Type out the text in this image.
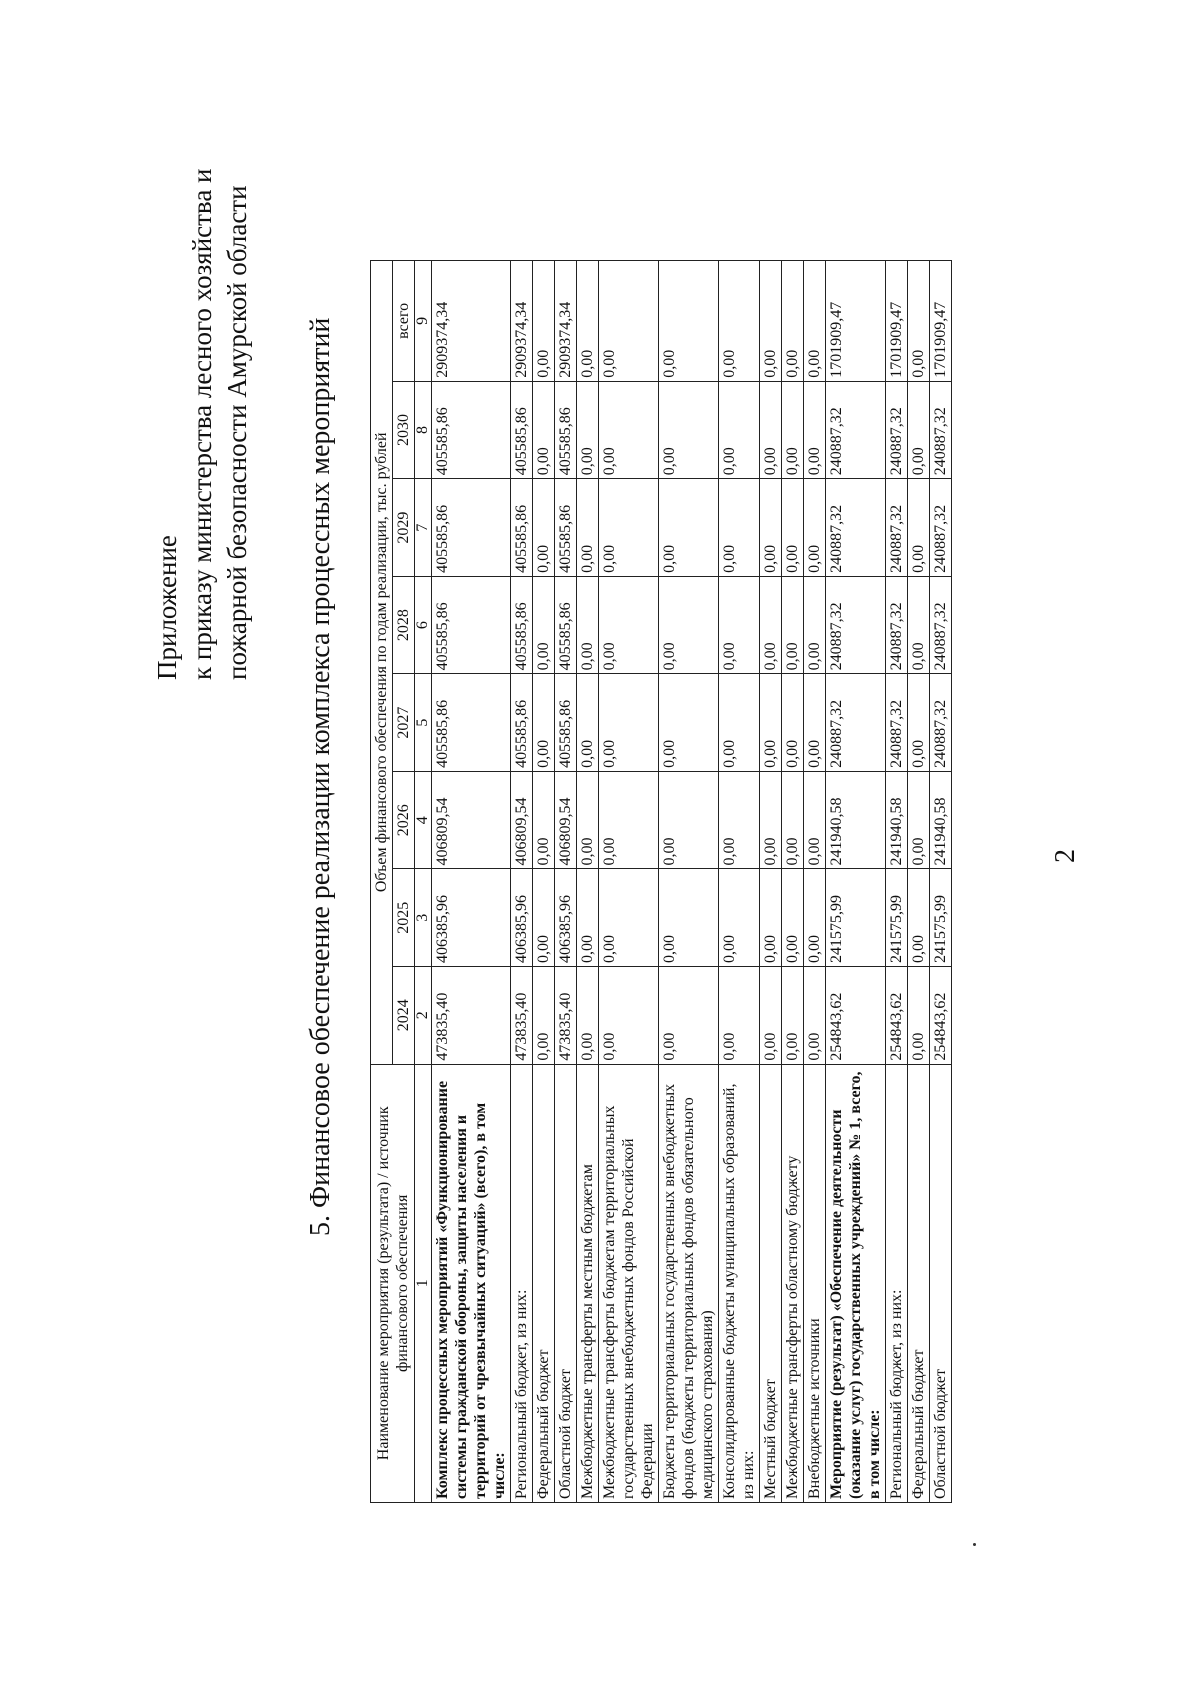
2
Приложение к приказу министерства лесного хозяйства и пожарной безопасности Амурской области 5. Финансовое обеспечение реализации комплекса процессных мероприятий
Наименование мероприятия (результата) / источник финансового обеспечения	Объем финансового обеспечения по годам реализации, тыс. рублей							
	2024	2025	2026	2027	2028	2029	2030	всего
1	2	3	4	5	6	7	8	9
Комплекс процессных мероприятий «Функционирование системы гражданской обороны, защиты населения и территорий от чрезвычайных ситуаций» (всего), в том числе:	473835,40	406385,96	406809,54	405585,86	405585,86	405585,86	405585,86	2909374,34
Региональный бюджет, из них:	473835,40	406385,96	406809,54	405585,86	405585,86	405585,86	405585,86	2909374,34
Федеральный бюджет	0,00	0,00	0,00	0,00	0,00	0,00	0,00	0,00
Областной бюджет	473835,40	406385,96	406809,54	405585,86	405585,86	405585,86	405585,86	2909374,34
Межбюджетные трансферты местным бюджетам	0,00	0,00	0,00	0,00	0,00	0,00	0,00	0,00
Межбюджетные трансферты бюджетам территориальных государственных внебюджетных фондов Российской Федерации	0,00	0,00	0,00	0,00	0,00	0,00	0,00	0,00
Бюджеты территориальных государственных внебюджетных фондов (бюджеты территориальных фондов обязательного медицинского страхования)	0,00	0,00	0,00	0,00	0,00	0,00	0,00	0,00
Консолидированные бюджеты муниципальных образований, из них:	0,00	0,00	0,00	0,00	0,00	0,00	0,00	0,00
Местный бюджет	0,00	0,00	0,00	0,00	0,00	0,00	0,00	0,00
Межбюджетные трансферты областному бюджету	0,00	0,00	0,00	0,00	0,00	0,00	0,00	0,00
Внебюджетные источники	0,00	0,00	0,00	0,00	0,00	0,00	0,00	0,00
Мероприятие (результат) «Обеспечение деятельности (оказание услуг) государственных учреждений» № 1, всего, в том числе:	254843,62	241575,99	241940,58	240887,32	240887,32	240887,32	240887,32	1701909,47
Региональный бюджет, из них:	254843,62	241575,99	241940,58	240887,32	240887,32	240887,32	240887,32	1701909,47
Федеральный бюджет	0,00	0,00	0,00	0,00	0,00	0,00	0,00	0,00
Областной бюджет	254843,62	241575,99	241940,58	240887,32	240887,32	240887,32	240887,32	1701909,47
